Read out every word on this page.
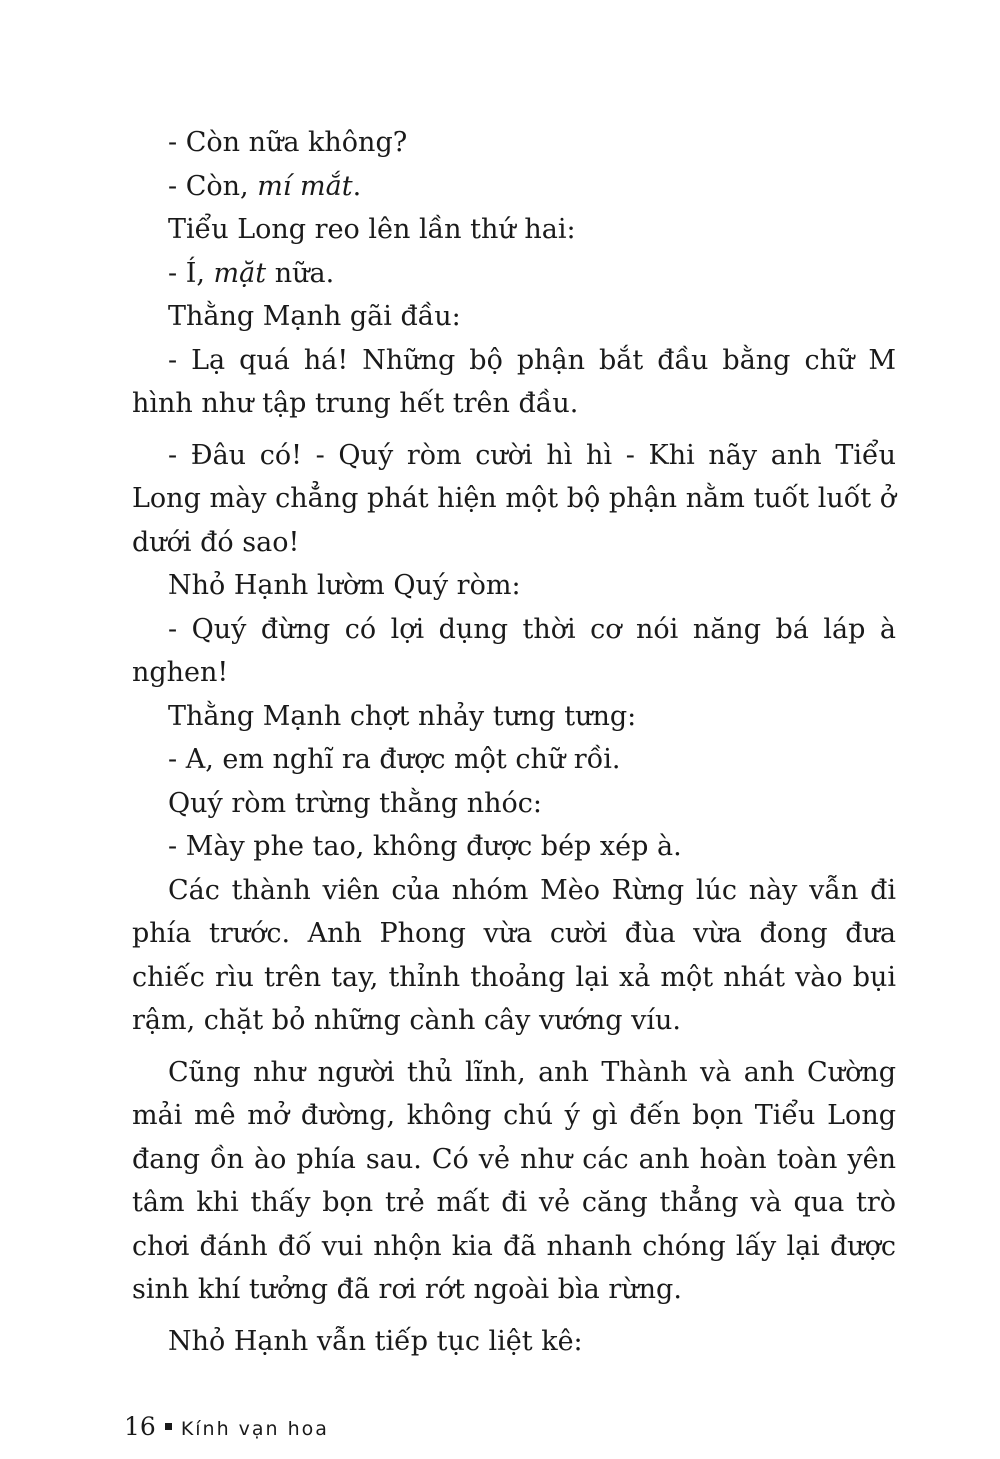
- Còn nữa không?

- Còn, mí mắt.

Tiểu Long reo lên lần thứ hai:

- Í, mặt nữa.

Thằng Mạnh gãi đầu:

- Lạ quá há! Những bộ phận bắt đầu bằng chữ M hình như tập trung hết trên đầu.

- Đâu có! - Quý ròm cười hì hì - Khi nãy anh Tiểu Long mày chẳng phát hiện một bộ phận nằm tuốt luốt ở dưới đó sao!

Nhỏ Hạnh lườm Quý ròm:

- Quý đừng có lợi dụng thời cơ nói năng bá láp à nghen!

Thằng Mạnh chợt nhảy tưng tưng:

- A, em nghĩ ra được một chữ rồi.

Quý ròm trừng thằng nhóc:

- Mày phe tao, không được bép xép à.

Các thành viên của nhóm Mèo Rừng lúc này vẫn đi phía trước. Anh Phong vừa cười đùa vừa đong đưa chiếc rìu trên tay, thỉnh thoảng lại xả một nhát vào bụi rậm, chặt bỏ những cành cây vướng víu.

Cũng như người thủ lĩnh, anh Thành và anh Cường mải mê mở đường, không chú ý gì đến bọn Tiểu Long đang ồn ào phía sau. Có vẻ như các anh hoàn toàn yên tâm khi thấy bọn trẻ mất đi vẻ căng thẳng và qua trò chơi đánh đố vui nhộn kia đã nhanh chóng lấy lại được sinh khí tưởng đã rơi rớt ngoài bìa rừng.

Nhỏ Hạnh vẫn tiếp tục liệt kê:

16 Kính vạn hoa
